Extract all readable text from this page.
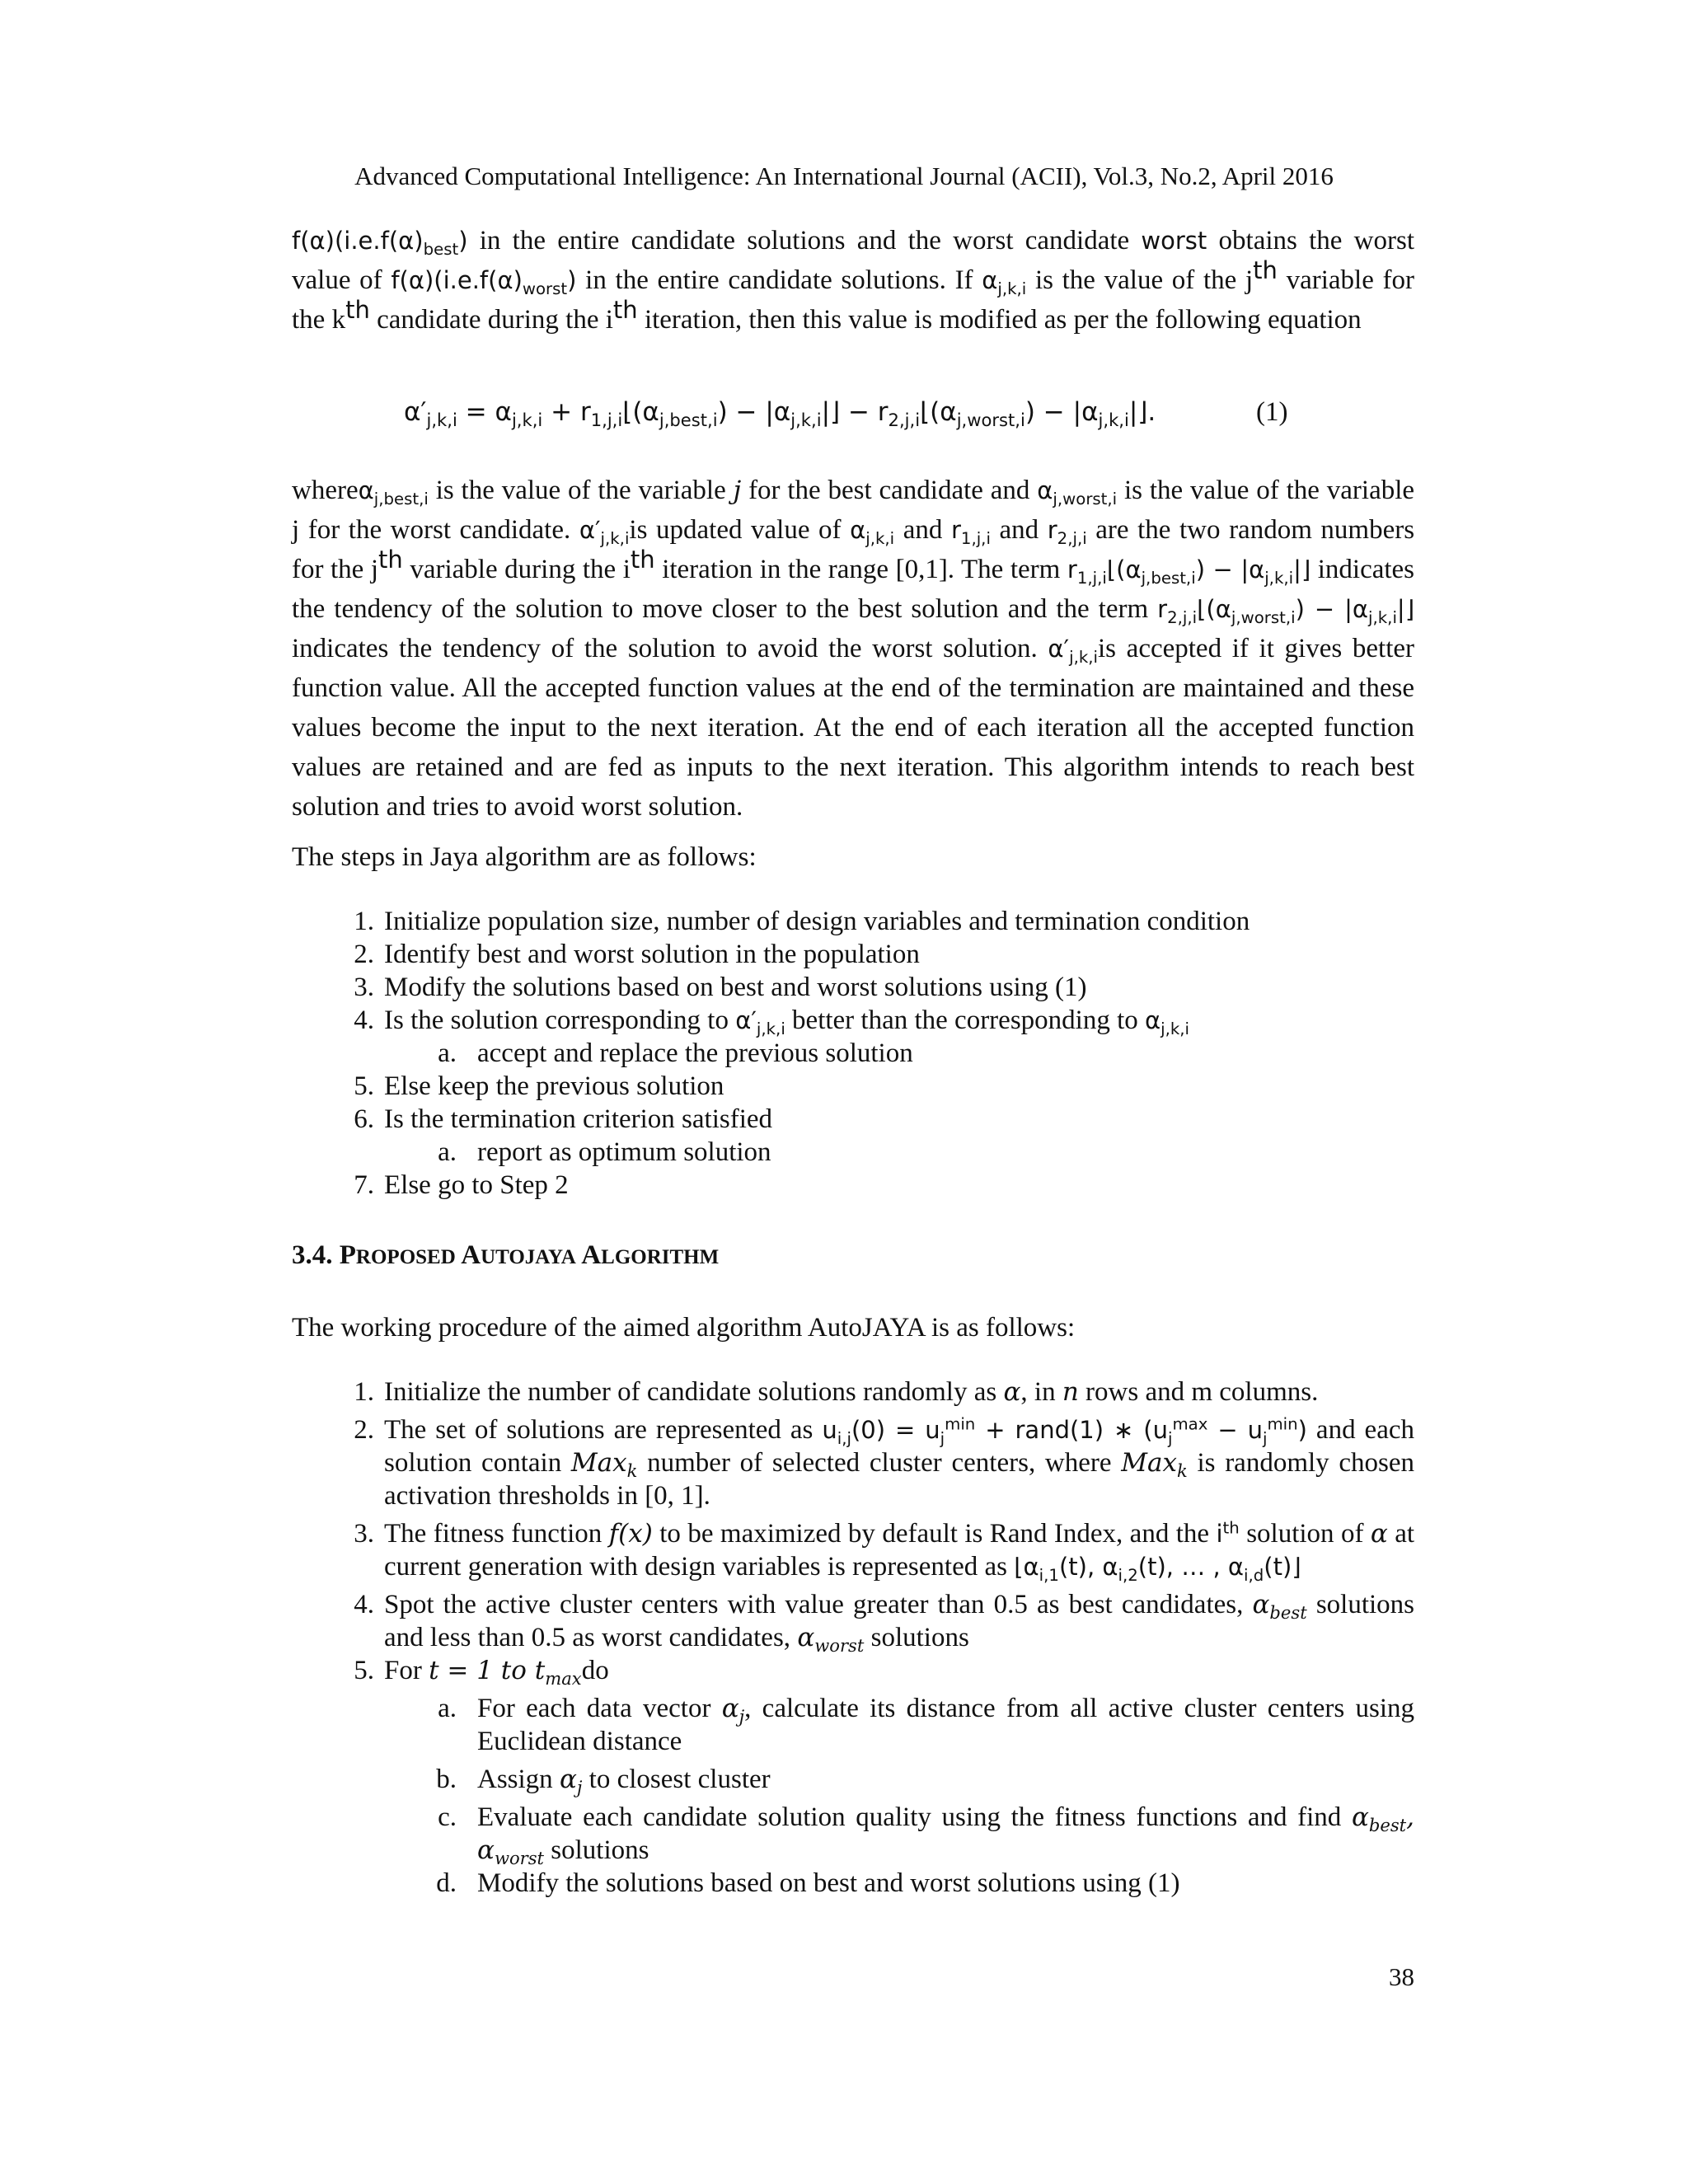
Advanced Computational Intelligence: An International Journal (ACII), Vol.3, No.2, April 2016
$f(\alpha)(i.e.f(\alpha)_{best})$ in the entire candidate solutions and the worst candidate worst obtains the worst value of $f(\alpha)(i.e.f(\alpha)_{worst})$ in the entire candidate solutions. If $\alpha_{j,k,i}$ is the value of the $j^{th}$ variable for the $k^{th}$ candidate during the $i^{th}$ iteration, then this value is modified as per the following equation
$\alpha'_{j,k,i} = \alpha_{j,k,i}$ + $r_{1,j,i}⌊(\alpha_{j,best,i})$ − $|\alpha_{j,k,i}|⌋$ − $r_{2,j,i}⌊(\alpha_{j,worst,i})$ − $|\alpha_{j,k,i}|⌋$.	(1)
whereα$_{j,best,i}$ is the value of the variable j for the best candidate and $\alpha_{j,worst,i}$ is the value of the variable j for the worst candidate. $\alpha'_{j,k,i}is$ updated value of $\alpha_{j,k,i}$ and $r_{1,j,i}$ and $r_{2,j,i}$ are the two random numbers for the $j^{th}$ variable during the $i^{th}$ iteration in the range [0,1]. The term $r_{1,j,i}⌊(\alpha_{j,best,i})$ − $|\alpha_{j,k,i}|⌋$ indicates the tendency of the solution to move closer to the best solution and the term $r_{2,j,i}⌊(\alpha_{j,worst,i})$ − $|\alpha_{j,k,i}|⌋$ indicates the tendency of the solution to avoid the worst solution. $\alpha'_{j,k,i}is$ accepted if it gives better function value. All the accepted function values at the end of the termination are maintained and these values become the input to the next iteration. At the end of each iteration all the accepted function values are retained and are fed as inputs to the next iteration. This algorithm intends to reach best solution and tries to avoid worst solution.
The steps in Jaya algorithm are as follows:
1. Initialize population size, number of design variables and termination condition
2. Identify best and worst solution in the population
3. Modify the solutions based on best and worst solutions using (1)
4. Is the solution corresponding to $\alpha'_{j,k,i}$ better than the corresponding to $\alpha_{j,k,i}$
a. accept and replace the previous solution
5. Else keep the previous solution
6. Is the termination criterion satisfied
a. report as optimum solution
7. Else go to Step 2
3.4. PROPOSED AUTOJAYA ALGORITHM
The working procedure of the aimed algorithm AutoJAYA is as follows:
1. Initialize the number of candidate solutions randomly as α, in n rows and m columns.
2. The set of solutions are represented as $u_{i,j}(0) = u_j^{min}$ + rand(1) ∗ $(u_j^{max} - u_j^{min})$ and each solution contain Max$_k$ number of selected cluster centers, where Max$_k$ is randomly chosen activation thresholds in [0, 1].
3. The fitness function f(x) to be maximized by default is Rand Index, and the $i^{th}$ solution of α at current generation with design variables is represented as $⌊\alpha_{i,1}(t)$, $\alpha_{i,2}(t)$, … , $\alpha_{i,d}(t)⌋$
4. Spot the active cluster centers with value greater than 0.5 as best candidates, $\alpha_{best}$ solutions and less than 0.5 as worst candidates, $\alpha_{worst}$ solutions
5. For t = 1 to $t_{max}do$
a. For each data vector $\alpha_j$, calculate its distance from all active cluster centers using Euclidean distance
b. Assign $\alpha_j$ to closest cluster
c. Evaluate each candidate solution quality using the fitness functions and find $\alpha_{best}$, $\alpha_{worst}$ solutions
d. Modify the solutions based on best and worst solutions using (1)
38
